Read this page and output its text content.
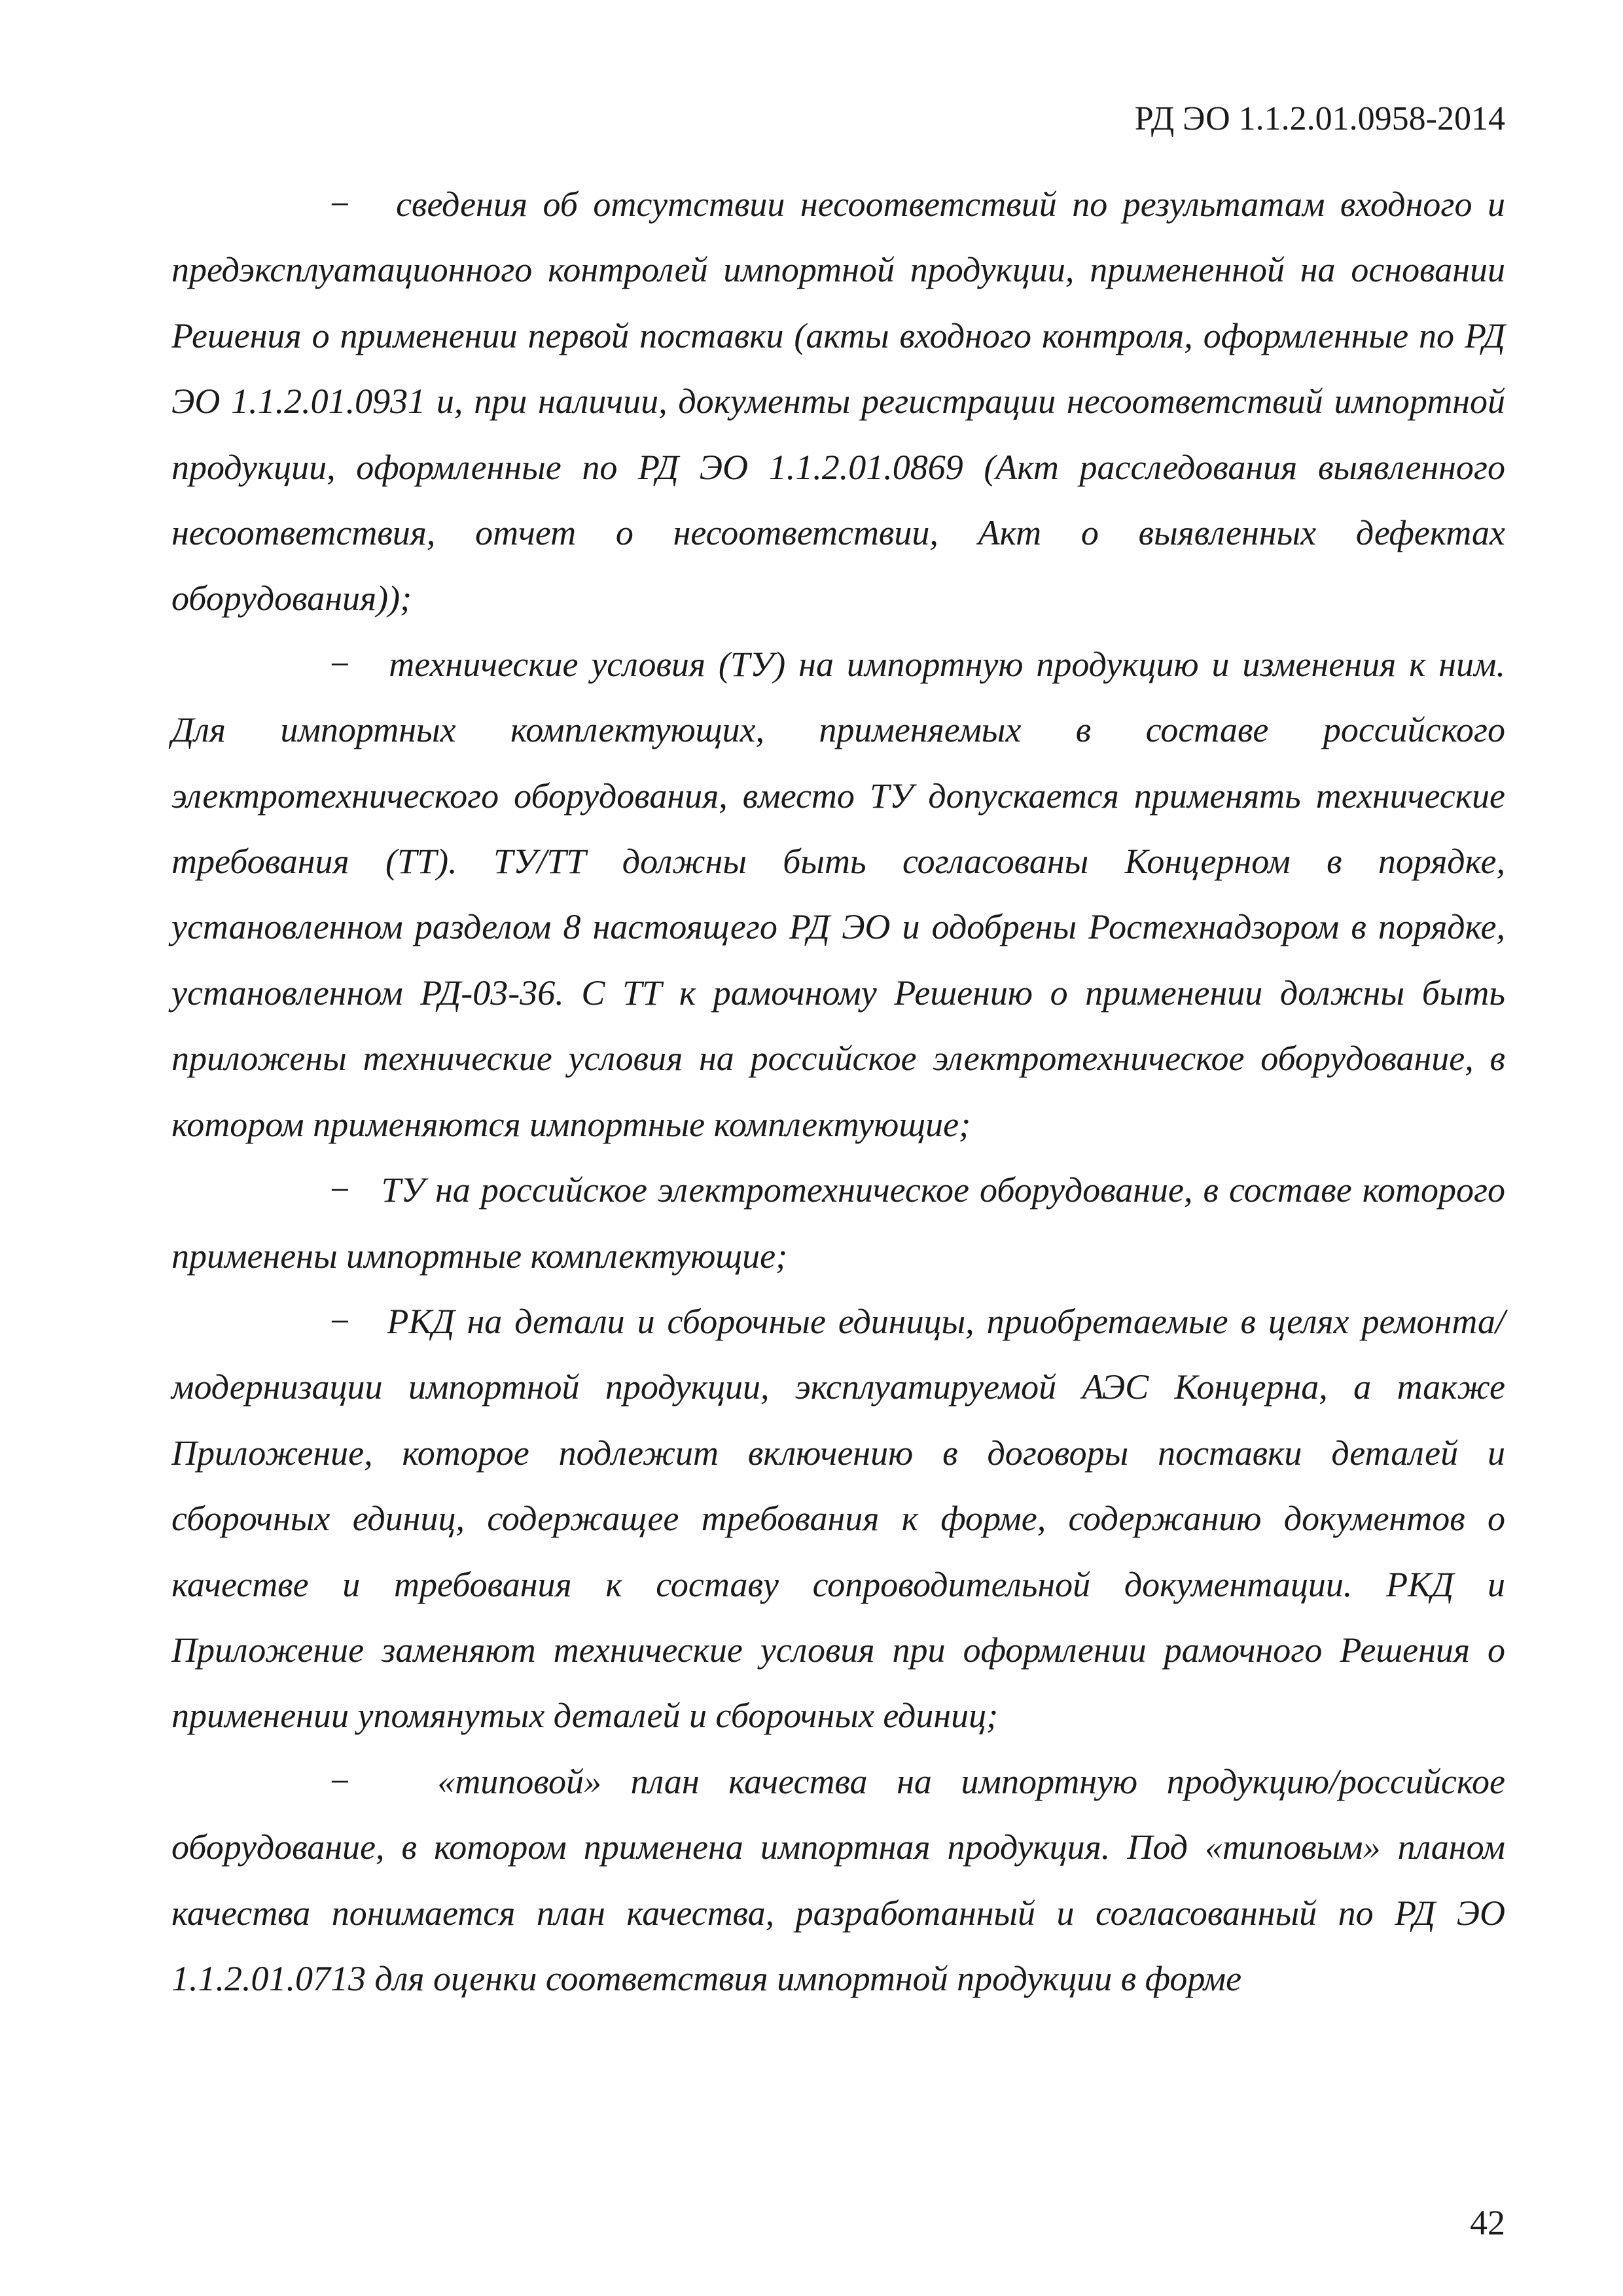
РД ЭО 1.1.2.01.0958-2014

− сведения об отсутствии несоответствий по результатам входного и предэксплуатационного контролей импортной продукции, примененной на основании Решения о применении первой поставки (акты входного контроля, оформленные по РД ЭО 1.1.2.01.0931 и, при наличии, документы регистрации несоответствий импортной продукции, оформленные по РД ЭО 1.1.2.01.0869 (Акт расследования выявленного несоответствия, отчет о несоответствии, Акт о выявленных дефектах оборудования));

− технические условия (ТУ) на импортную продукцию и изменения к ним. Для импортных комплектующих, применяемых в составе российского электротехнического оборудования, вместо ТУ допускается применять технические требования (ТТ). ТУ/ТТ должны быть согласованы Концерном в порядке, установленном разделом 8 настоящего РД ЭО и одобрены Ростехнадзором в порядке, установленном РД-03-36. С ТТ к рамочному Решению о применении должны быть приложены технические условия на российское электротехническое оборудование, в котором применяются импортные комплектующие;

− ТУ на российское электротехническое оборудование, в составе которого применены импортные комплектующие;

− РКД на детали и сборочные единицы, приобретаемые в целях ремонта/модернизации импортной продукции, эксплуатируемой АЭС Концерна, а также Приложение, которое подлежит включению в договоры поставки деталей и сборочных единиц, содержащее требования к форме, содержанию документов о качестве и требования к составу сопроводительной документации. РКД и Приложение заменяют технические условия при оформлении рамочного Решения о применении упомянутых деталей и сборочных единиц;

− «типовой» план качества на импортную продукцию/российское оборудование, в котором применена импортная продукция. Под «типовым» планом качества понимается план качества, разработанный и согласованный по РД ЭО 1.1.2.01.0713 для оценки соответствия импортной продукции в форме

42
